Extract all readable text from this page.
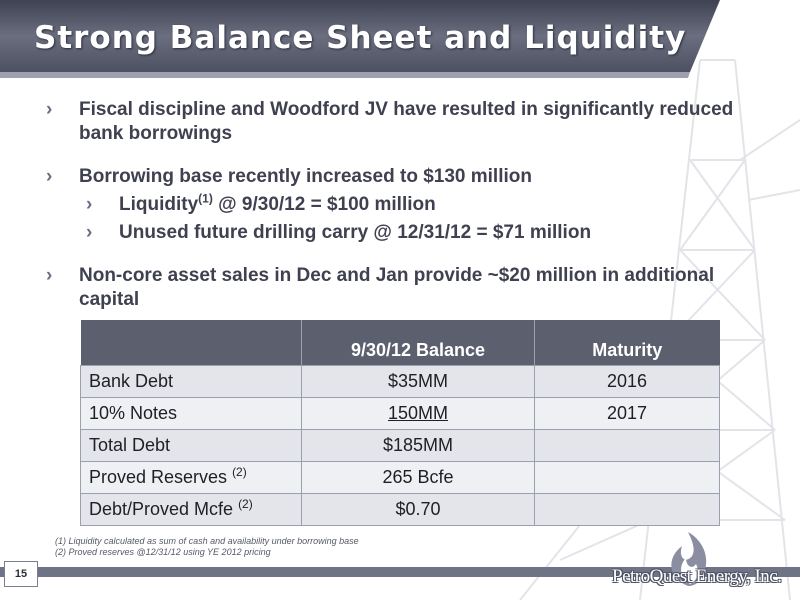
Strong Balance Sheet and Liquidity
›	Fiscal discipline and Woodford JV have resulted in significantly reduced bank borrowings
›	Borrowing base recently increased to $130 million
›	Liquidity$^{(1)}$ @ 9/30/12 = $100 million
›	Unused future drilling carry @ 12/31/12 = $71 million
›	Non-core asset sales in Dec and Jan provide ~$20 million in additional capital
	9/30/12 Balance	Maturity
Bank Debt	$35MM	2016
10% Notes	150MM	2017
Total Debt	$185MM	
Proved Reserves $^{(2)}$	265 Bcfe	
Debt/Proved Mcfe $^{(2)}$	$0.70	
(1) Liquidity calculated as sum of cash and availability under borrowing base
(2) Proved reserves @12/31/12 using YE 2012 pricing
15	PetroQuest Energy, Inc.
